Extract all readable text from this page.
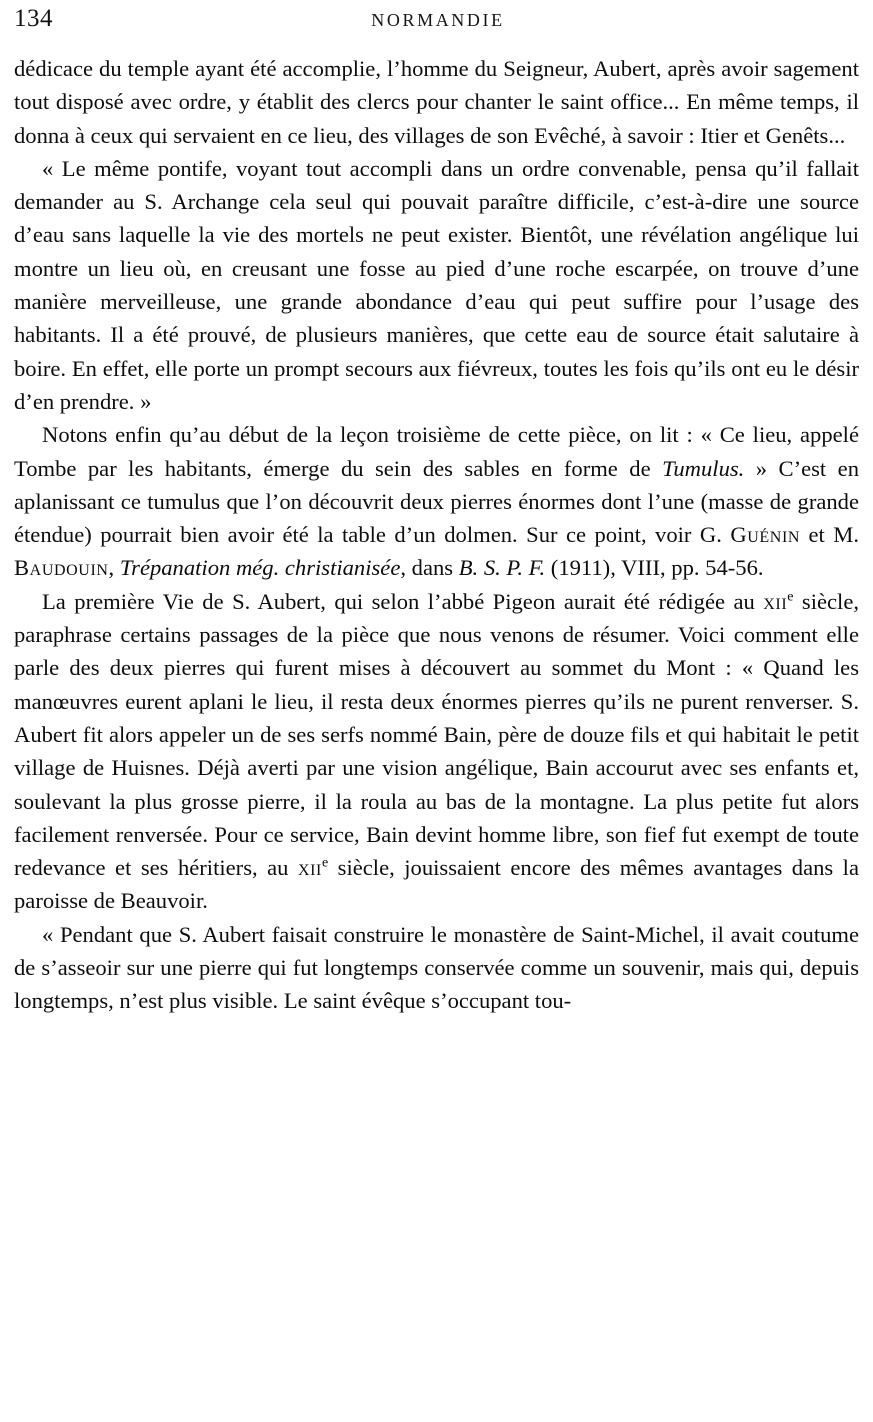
134	NORMANDIE

dédicace du temple ayant été accomplie, l’homme du Seigneur, Aubert, après avoir sagement tout disposé avec ordre, y établit des clercs pour chanter le saint office... En même temps, il donna à ceux qui servaient en ce lieu, des villages de son Evêché, à savoir : Itier et Genêts...

« Le même pontife, voyant tout accompli dans un ordre convenable, pensa qu’il fallait demander au S. Archange cela seul qui pouvait paraître difficile, c’est-à-dire une source d’eau sans laquelle la vie des mortels ne peut exister. Bientôt, une révélation angélique lui montre un lieu où, en creusant une fosse au pied d’une roche escarpée, on trouve d’une manière merveilleuse, une grande abondance d’eau qui peut suffire pour l’usage des habitants. Il a été prouvé, de plusieurs manières, que cette eau de source était salutaire à boire. En effet, elle porte un prompt secours aux fiévreux, toutes les fois qu’ils ont eu le désir d’en prendre. »

Notons enfin qu’au début de la leçon troisième de cette pièce, on lit : « Ce lieu, appelé Tombe par les habitants, émerge du sein des sables en forme de Tumulus. » C’est en aplanissant ce tumulus que l’on découvrit deux pierres énormes dont l’une (masse de grande étendue) pourrait bien avoir été la table d’un dolmen. Sur ce point, voir G. Guénin et M. Baudouin, Trépanation még. christianisée, dans B. S. P. F. (1911), VIII, pp. 54-56.

La première Vie de S. Aubert, qui selon l’abbé Pigeon aurait été rédigée au xii$^e$ siècle, paraphrase certains passages de la pièce que nous venons de résumer. Voici comment elle parle des deux pierres qui furent mises à découvert au sommet du Mont : « Quand les manœuvres eurent aplani le lieu, il resta deux énormes pierres qu’ils ne purent renverser. S. Aubert fit alors appeler un de ses serfs nommé Bain, père de douze fils et qui habitait le petit village de Huisnes. Déjà averti par une vision angélique, Bain accourut avec ses enfants et, soulevant la plus grosse pierre, il la roula au bas de la montagne. La plus petite fut alors facilement renversée. Pour ce service, Bain devint homme libre, son fief fut exempt de toute redevance et ses héritiers, au xii$^e$ siècle, jouissaient encore des mêmes avantages dans la paroisse de Beauvoir.

« Pendant que S. Aubert faisait construire le monastère de Saint-Michel, il avait coutume de s’asseoir sur une pierre qui fut longtemps conservée comme un souvenir, mais qui, depuis longtemps, n’est plus visible. Le saint évêque s’occupant tou-
